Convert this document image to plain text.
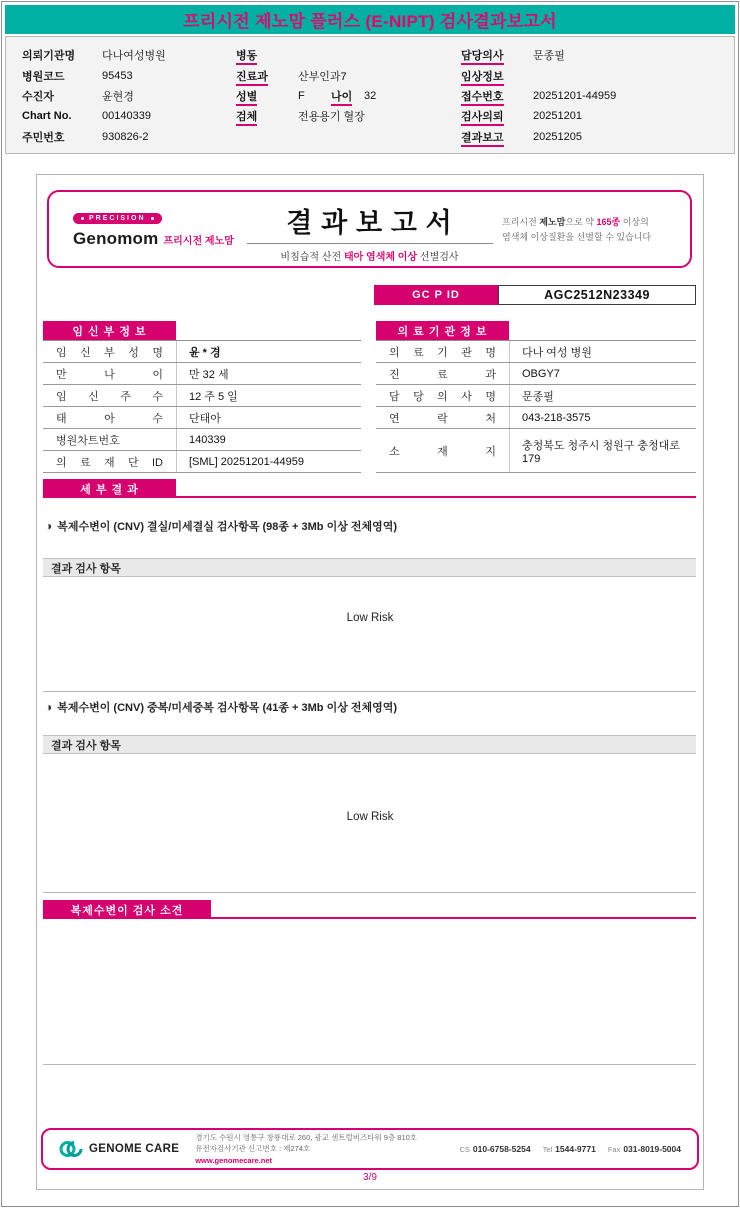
프리시전 제노맘 플러스 (E-NIPT) 검사결과보고서
의뢰기관명	다나여성병원
병원코드	95453
수진자	윤현경
Chart No.	00140339
주민번호	930826-2
병동
진료과	산부인과7
성별	F	나이	32
검체	전용용기 혈장
담당의사	문종필
임상정보
접수번호	20251201-44959
검사의뢰	20251201
결과보고	20251205
PRECISION
Genomom 프리시전 제노맘
결 과 보 고 서
비침습적 산전 태아 염색체 이상 선별검사
프리시전 제노맘으로 약 165종 이상의
염색체 이상질환을 선별할 수 있습니다
GC P ID	AGC2512N23349
임 신 부 정 보
임 신 부 성 명	윤 * 경
만 나 이	만 32 세
임 신 주 수	12 주 5 일
태 아 수	단태아
병원차트번호	140339
의 료 재 단 ID	[SML] 20251201-44959
의 료 기 관 정 보
의 료 기 관 명	다나 여성 병원
진 료 과	OBGY7
담 당 의 사 명	문종필
연 락 처	043-218-3575
소 재 지	충청북도 청주시 청원구 충청대로 179
세 부 결 과
◑ 복제수변이 (CNV) 결실/미세결실 검사항목 (98종 + 3Mb 이상 전체영역)
결과 검사 항목
Low Risk
◑ 복제수변이 (CNV) 중복/미세중복 검사항목 (41종 + 3Mb 이상 전체영역)
결과 검사 항목
Low Risk
복제수변이 검사 소견
GENOME CARE
경기도 수원시 영통구 창룡대로 260, 광교 센트럴비즈타워 9층 810호
유전자검사기관 신고번호 : 제274호
www.genomecare.net
CS 010-6758-5254 Tel 1544-9771 Fax 031-8019-5004
3/9
